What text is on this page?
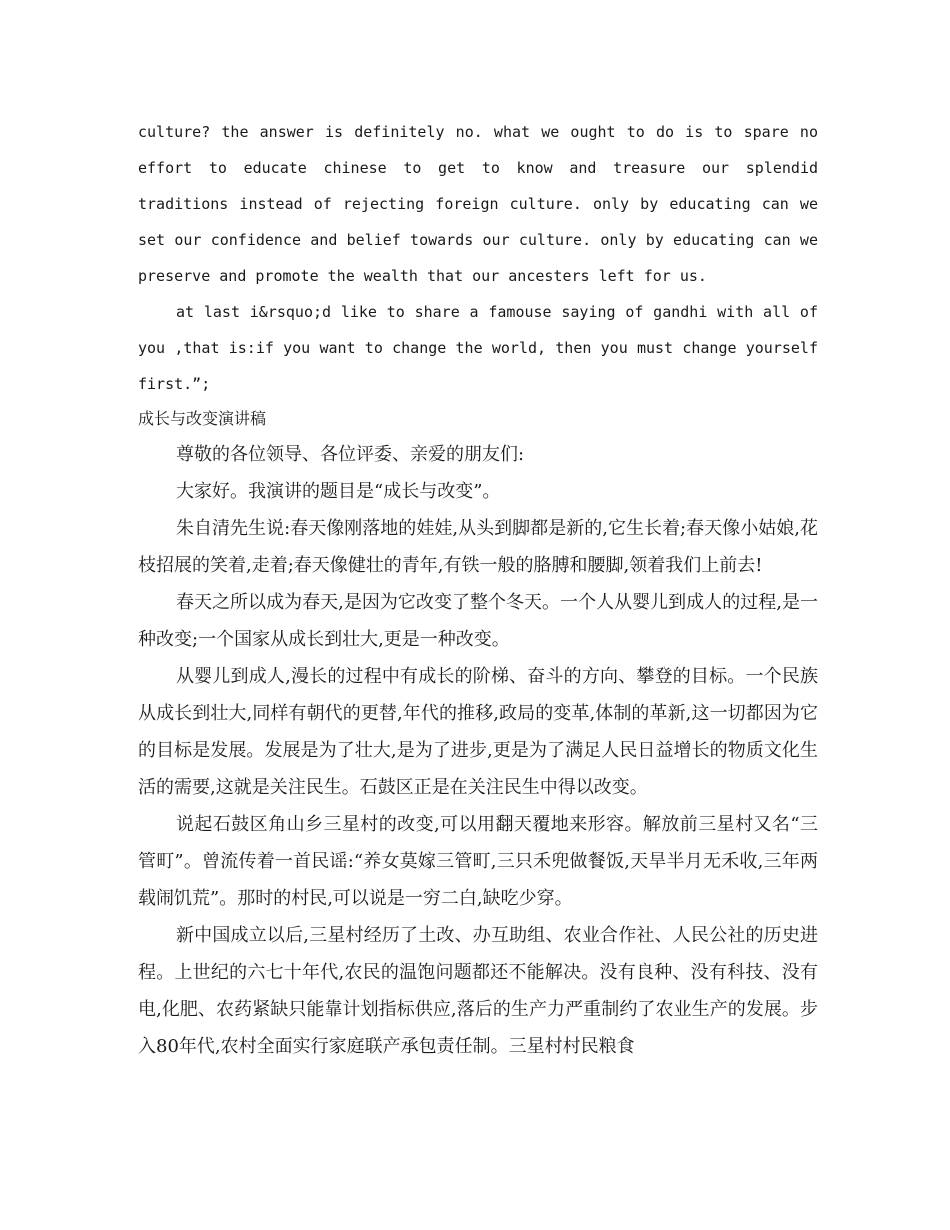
culture? the answer is definitely no. what we ought to do is to spare no effort to educate chinese to get to know and treasure our splendid traditions instead of rejecting foreign culture. only by educating can we set our confidence and belief towards our culture. only by educating can we preserve and promote the wealth that our ancesters left for us.

at last i&rsquo;d like to share a famouse saying of gandhi with all of you ,that is:if you want to change the world, then you must change yourself first.”;

成长与改变演讲稿

尊敬的各位领导、各位评委、亲爱的朋友们:

大家好。我演讲的题目是“成长与改变”。

朱自清先生说:春天像刚落地的娃娃,从头到脚都是新的,它生长着;春天像小姑娘,花枝招展的笑着,走着;春天像健壮的青年,有铁一般的胳膊和腰脚,领着我们上前去!

春天之所以成为春天,是因为它改变了整个冬天。一个人从婴儿到成人的过程,是一种改变;一个国家从成长到壮大,更是一种改变。

从婴儿到成人,漫长的过程中有成长的阶梯、奋斗的方向、攀登的目标。一个民族从成长到壮大,同样有朝代的更替,年代的推移,政局的变革,体制的革新,这一切都因为它的目标是发展。发展是为了壮大,是为了进步,更是为了满足人民日益增长的物质文化生活的需要,这就是关注民生。石鼓区正是在关注民生中得以改变。

说起石鼓区角山乡三星村的改变,可以用翻天覆地来形容。解放前三星村又名“三管町”。曾流传着一首民谣:“养女莫嫁三管町,三只禾兜做餐饭,天旱半月无禾收,三年两载闹饥荒”。那时的村民,可以说是一穷二白,缺吃少穿。

新中国成立以后,三星村经历了土改、办互助组、农业合作社、人民公社的历史进程。上世纪的六七十年代,农民的温饱问题都还不能解决。没有良种、没有科技、没有电,化肥、农药紧缺只能靠计划指标供应,落后的生产力严重制约了农业生产的发展。步入80年代,农村全面实行家庭联产承包责任制。三星村村民粮食
